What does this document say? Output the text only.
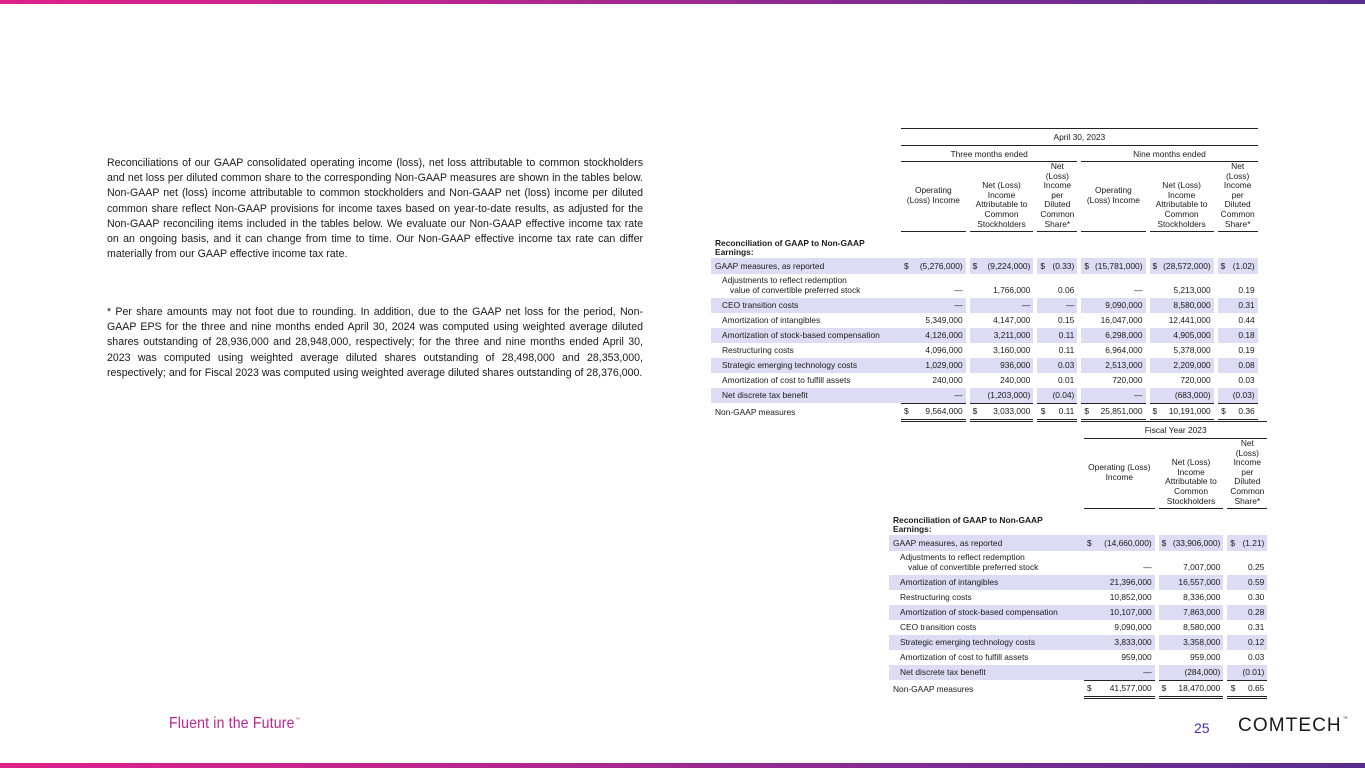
Reconciliations of our GAAP consolidated operating income (loss), net loss attributable to common stockholders and net loss per diluted common share to the corresponding Non-GAAP measures are shown in the tables below. Non-GAAP net (loss) income attributable to common stockholders and Non-GAAP net (loss) income per diluted common share reflect Non-GAAP provisions for income taxes based on year-to-date results, as adjusted for the Non-GAAP reconciling items included in the tables below. We evaluate our Non-GAAP effective income tax rate on an ongoing basis, and it can change from time to time. Our Non-GAAP effective income tax rate can differ materially from our GAAP effective income tax rate.

* Per share amounts may not foot due to rounding. In addition, due to the GAAP net loss for the period, Non-GAAP EPS for the three and nine months ended April 30, 2024 was computed using weighted average diluted shares outstanding of 28,936,000 and 28,948,000, respectively; for the three and nine months ended April 30, 2023 was computed using weighted average diluted shares outstanding of 28,498,000 and 28,353,000, respectively; and for Fiscal 2023 was computed using weighted average diluted shares outstanding of 28,376,000.

	April 30, 2023																
	Three months ended									Nine months ended							
	Operating (Loss) Income			Net (Loss) Income Attributable to Common Stockholders			Net (Loss) Income per Diluted Common Share*			Operating (Loss) Income			Net (Loss) Income Attributable to Common Stockholders			Net (Loss) Income per Diluted Common Share*	
Reconciliation of GAAP to Non-GAAP Earnings:																	
GAAP measures, as reported	$	(5,276,000)		$	(9,224,000)		$	(0.33)		$	(15,781,000)		$	(28,572,000)		$	(1.02)
Adjustments to reflect redemption
value of convertible preferred stock		—			1,766,000			0.06			—			5,213,000			0.19
CEO transition costs		—			—			—			9,090,000			8,580,000			0.31
Amortization of intangibles		5,349,000			4,147,000			0.15			16,047,000			12,441,000			0.44
Amortization of stock-based compensation		4,126,000			3,211,000			0.11			6,298,000			4,905,000			0.18
Restructuring costs		4,096,000			3,160,000			0.11			6,964,000			5,378,000			0.19
Strategic emerging technology costs		1,029,000			936,000			0.03			2,513,000			2,209,000			0.08
Amortization of cost to fulfill assets		240,000			240,000			0.01			720,000			720,000			0.03
Net discrete tax benefit		—			(1,203,000)			(0.04)			—			(683,000)			(0.03)
Non-GAAP measures	$	9,564,000		$	3,033,000		$	0.11		$	25,851,000		$	10,191,000		$	0.36
	Fiscal Year 2023							
	Operating (Loss) Income			Net (Loss) Income Attributable to Common Stockholders			Net (Loss) Income per Diluted Common Share*	
Reconciliation of GAAP to Non-GAAP Earnings:								
GAAP measures, as reported	$	(14,660,000)		$	(33,906,000)		$	(1.21)
Adjustments to reflect redemption
value of convertible preferred stock		—			7,007,000			0.25
Amortization of intangibles		21,396,000			16,557,000			0.59
Restructuring costs		10,852,000			8,336,000			0.30
Amortization of stock-based compensation		10,107,000			7,863,000			0.28
CEO transition costs		9,090,000			8,580,000			0.31
Strategic emerging technology costs		3,833,000			3,358,000			0.12
Amortization of cost to fulfill assets		959,000			959,000			0.03
Net discrete tax benefit		—			(284,000)			(0.01)
Non-GAAP measures	$	41,577,000		$	18,470,000		$	0.65
Fluent in the Future™	25 COMTECH™
